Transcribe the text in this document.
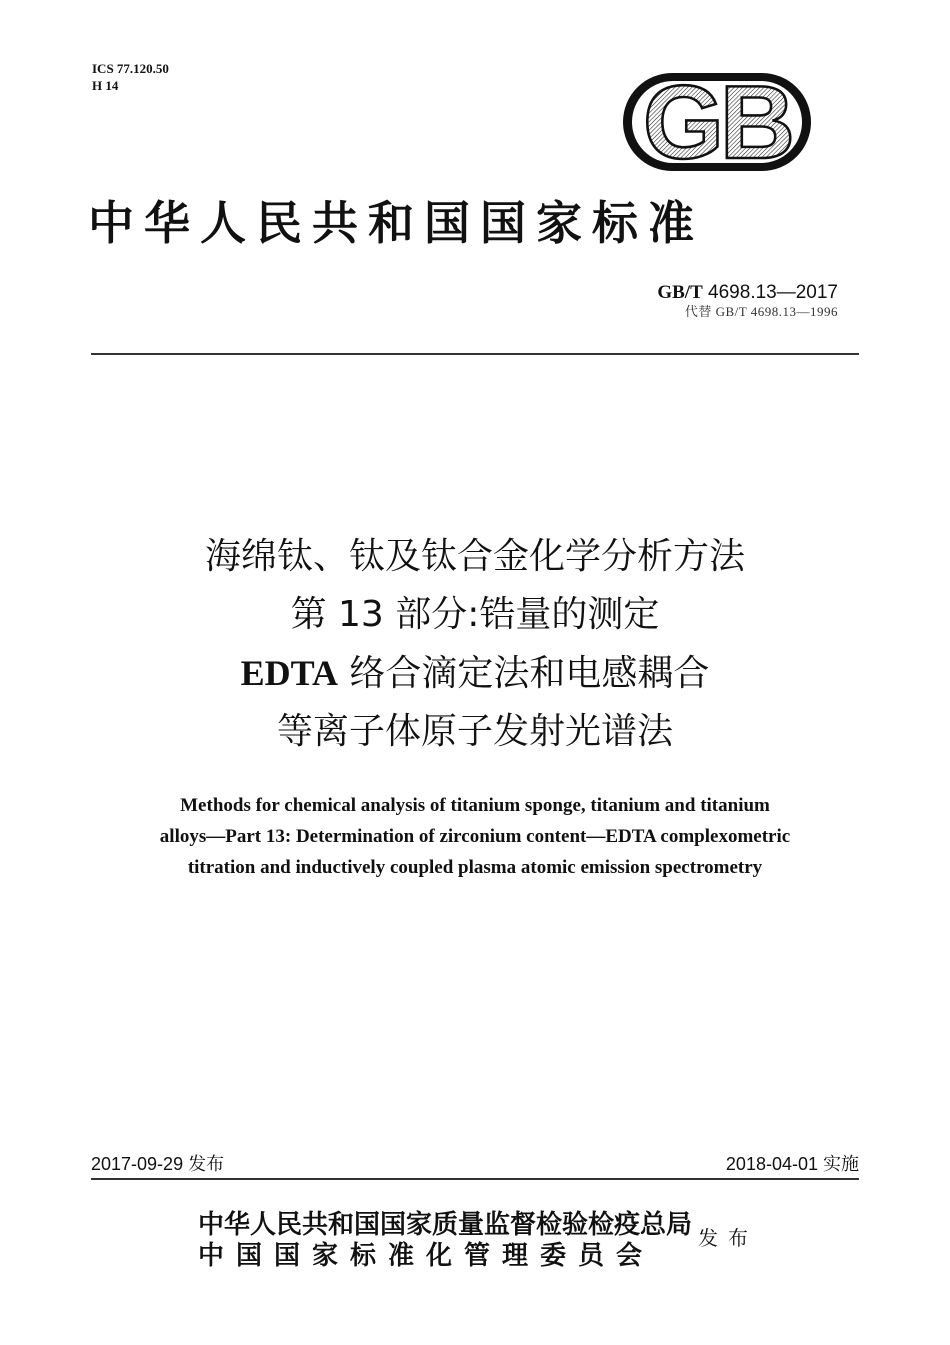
ICS 77.120.50
H 14	GB
中华人民共和国国家标准
GB/T 4698.13—2017
代替 GB/T 4698.13—1996
海绵钛、钛及钛合金化学分析方法
第 13 部分:锆量的测定
EDTA 络合滴定法和电感耦合
等离子体原子发射光谱法
Methods for chemical analysis of titanium sponge, titanium and titanium
alloys—Part 13: Determination of zirconium content—EDTA complexometric
titration and inductively coupled plasma atomic emission spectrometry
2017-09-29 发布	2018-04-01 实施
中华人民共和国国家质量监督检验检疫总局
中国国家标准化管理委员会
发布
